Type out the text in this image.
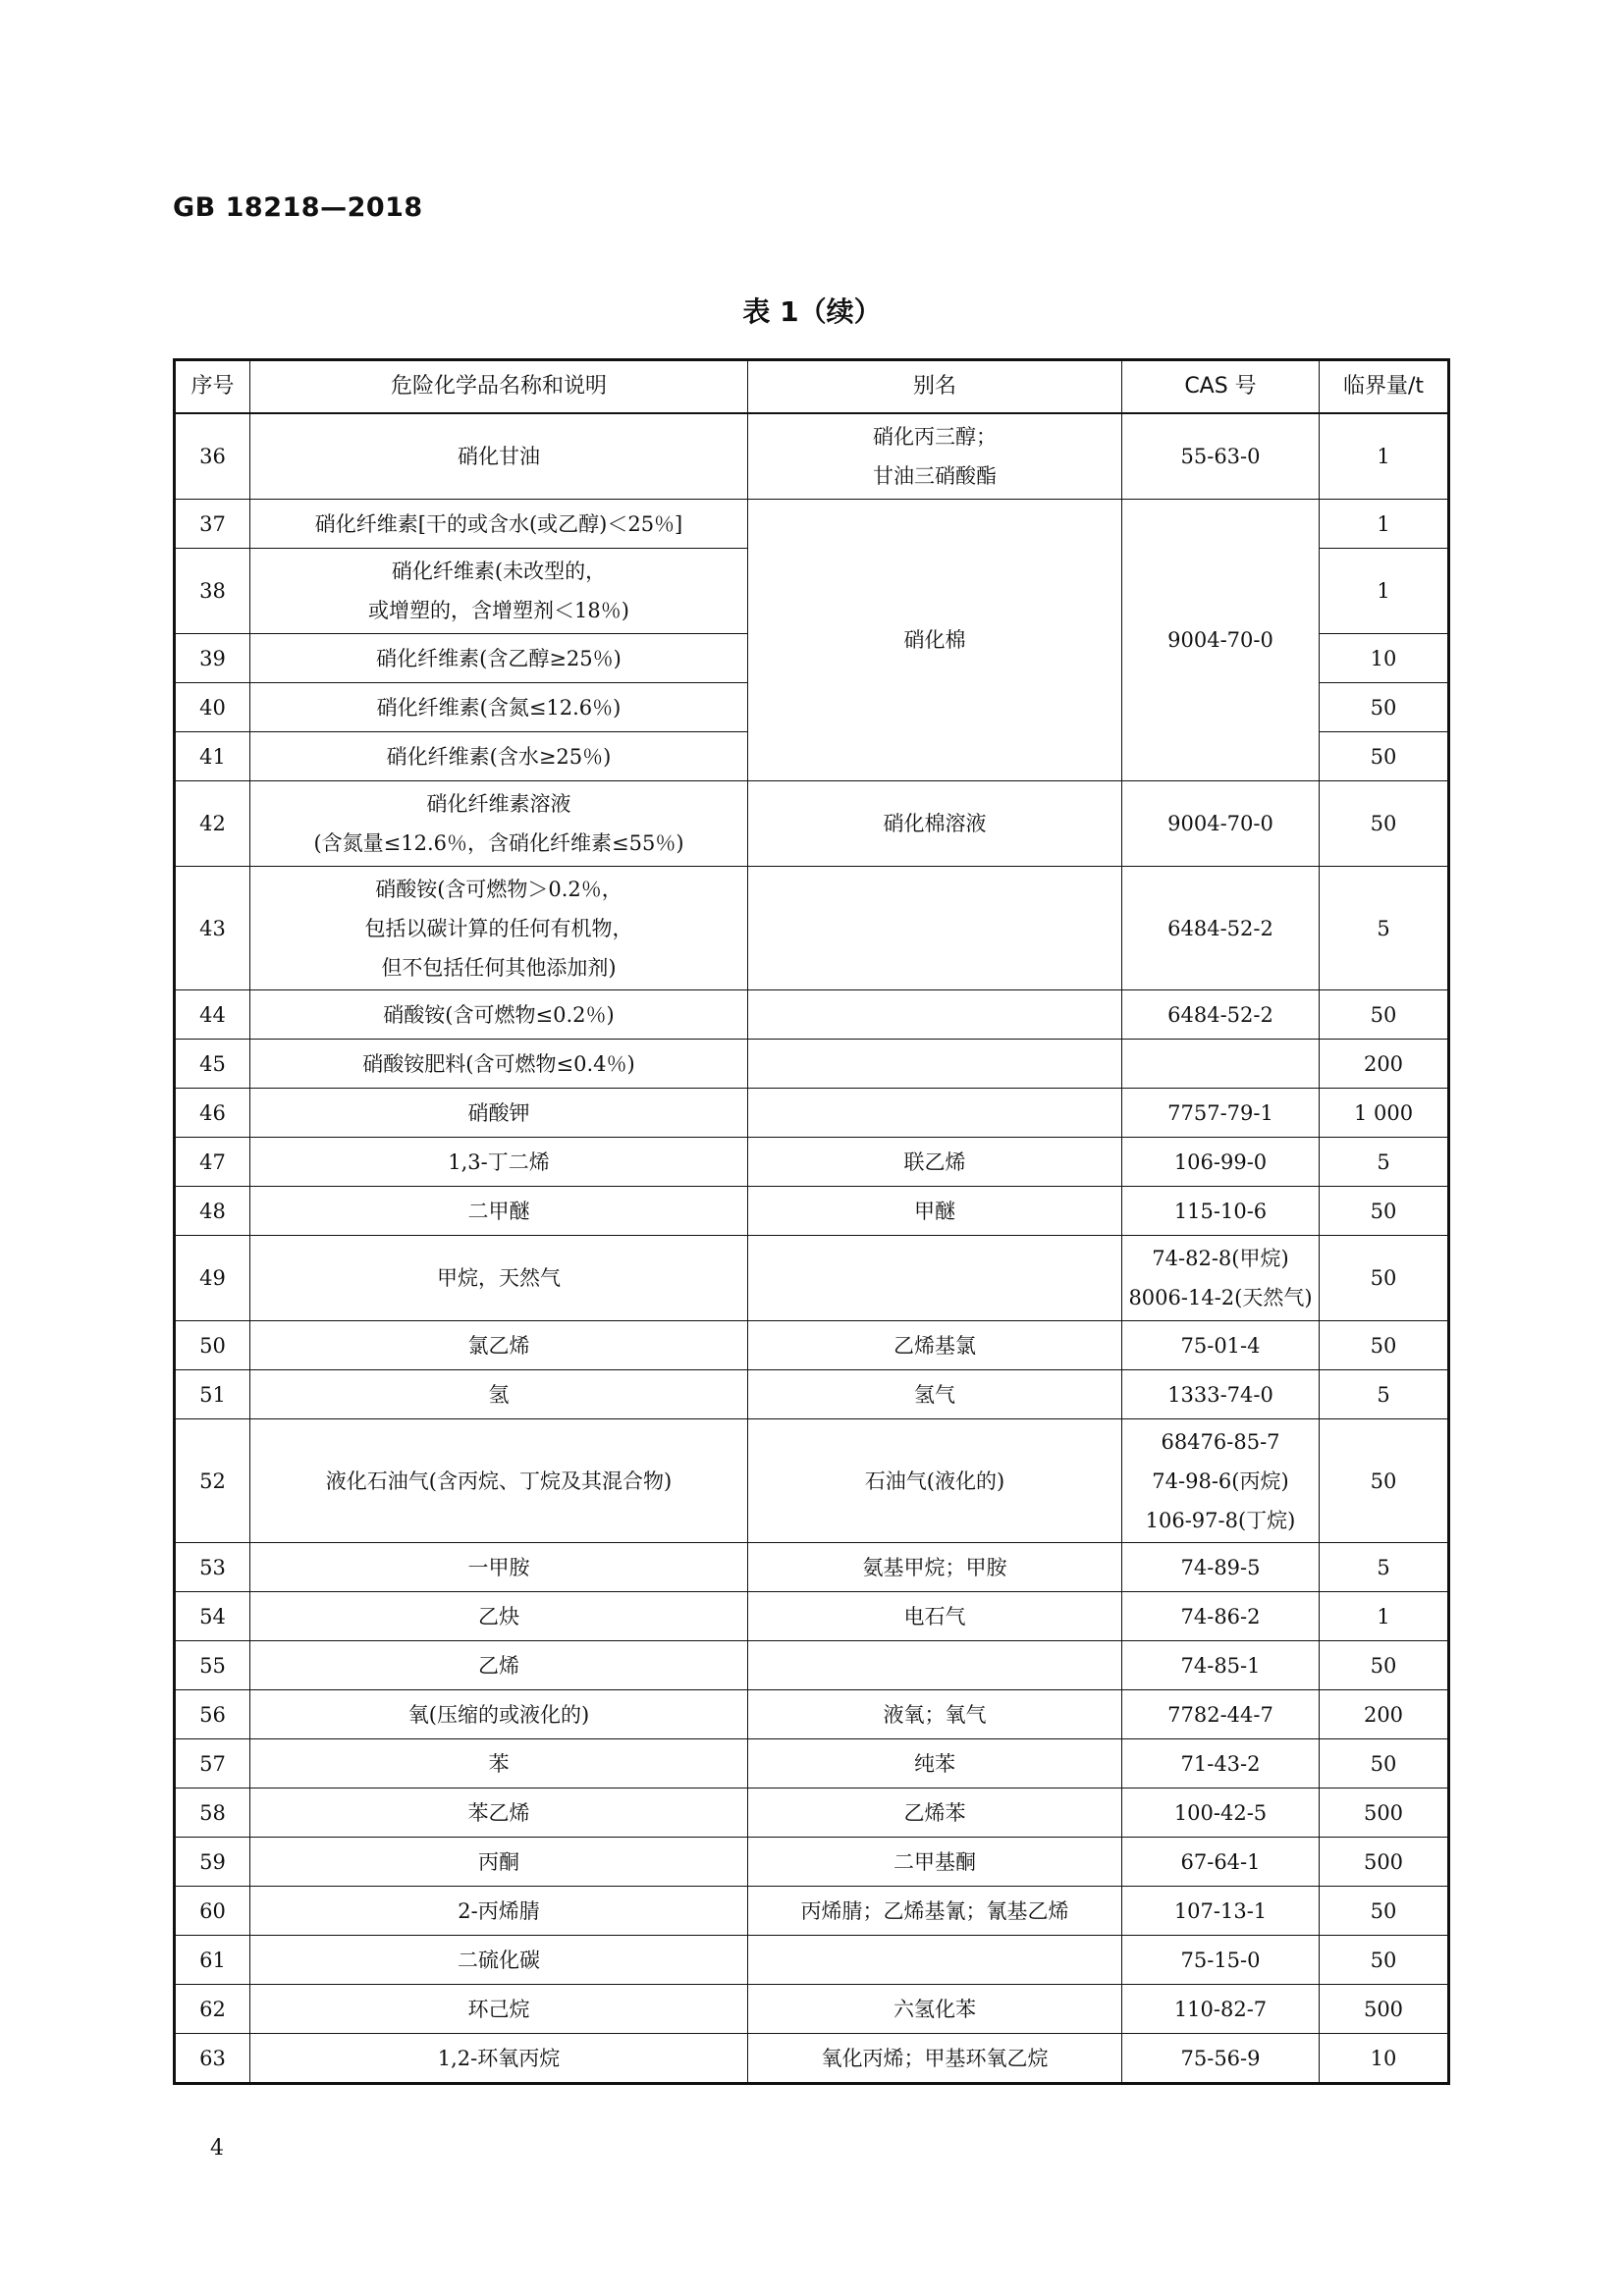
GB 18218—2018
表 1（续）
序号	危险化学品名称和说明	别名	CAS 号	临界量/t
36	硝化甘油	硝化丙三醇；
甘油三硝酸酯	55-63-0	1
37	硝化纤维素[干的或含水(或乙醇)＜25％]	硝化棉	9004-70-0	1
38	硝化纤维素(未改型的，
或增塑的，含增塑剂＜18％)			1
39	硝化纤维素(含乙醇≥25％)			10
40	硝化纤维素(含氮≤12.6％)			50
41	硝化纤维素(含水≥25％)			50
42	硝化纤维素溶液
(含氮量≤12.6％，含硝化纤维素≤55％)	硝化棉溶液	9004-70-0	50
43	硝酸铵(含可燃物＞0.2％，
包括以碳计算的任何有机物，
但不包括任何其他添加剂)		6484-52-2	5
44	硝酸铵(含可燃物≤0.2％)		6484-52-2	50
45	硝酸铵肥料(含可燃物≤0.4％)			200
46	硝酸钾		7757-79-1	1 000
47	1,3-丁二烯	联乙烯	106-99-0	5
48	二甲醚	甲醚	115-10-6	50
49	甲烷，天然气		74-82-8(甲烷)
8006-14-2(天然气)	50
50	氯乙烯	乙烯基氯	75-01-4	50
51	氢	氢气	1333-74-0	5
52	液化石油气(含丙烷、丁烷及其混合物)	石油气(液化的)	68476-85-7
74-98-6(丙烷)
106-97-8(丁烷)	50
53	一甲胺	氨基甲烷；甲胺	74-89-5	5
54	乙炔	电石气	74-86-2	1
55	乙烯		74-85-1	50
56	氧(压缩的或液化的)	液氧；氧气	7782-44-7	200
57	苯	纯苯	71-43-2	50
58	苯乙烯	乙烯苯	100-42-5	500
59	丙酮	二甲基酮	67-64-1	500
60	2-丙烯腈	丙烯腈；乙烯基氰；氰基乙烯	107-13-1	50
61	二硫化碳		75-15-0	50
62	环己烷	六氢化苯	110-82-7	500
63	1,2-环氧丙烷	氧化丙烯；甲基环氧乙烷	75-56-9	10
4
